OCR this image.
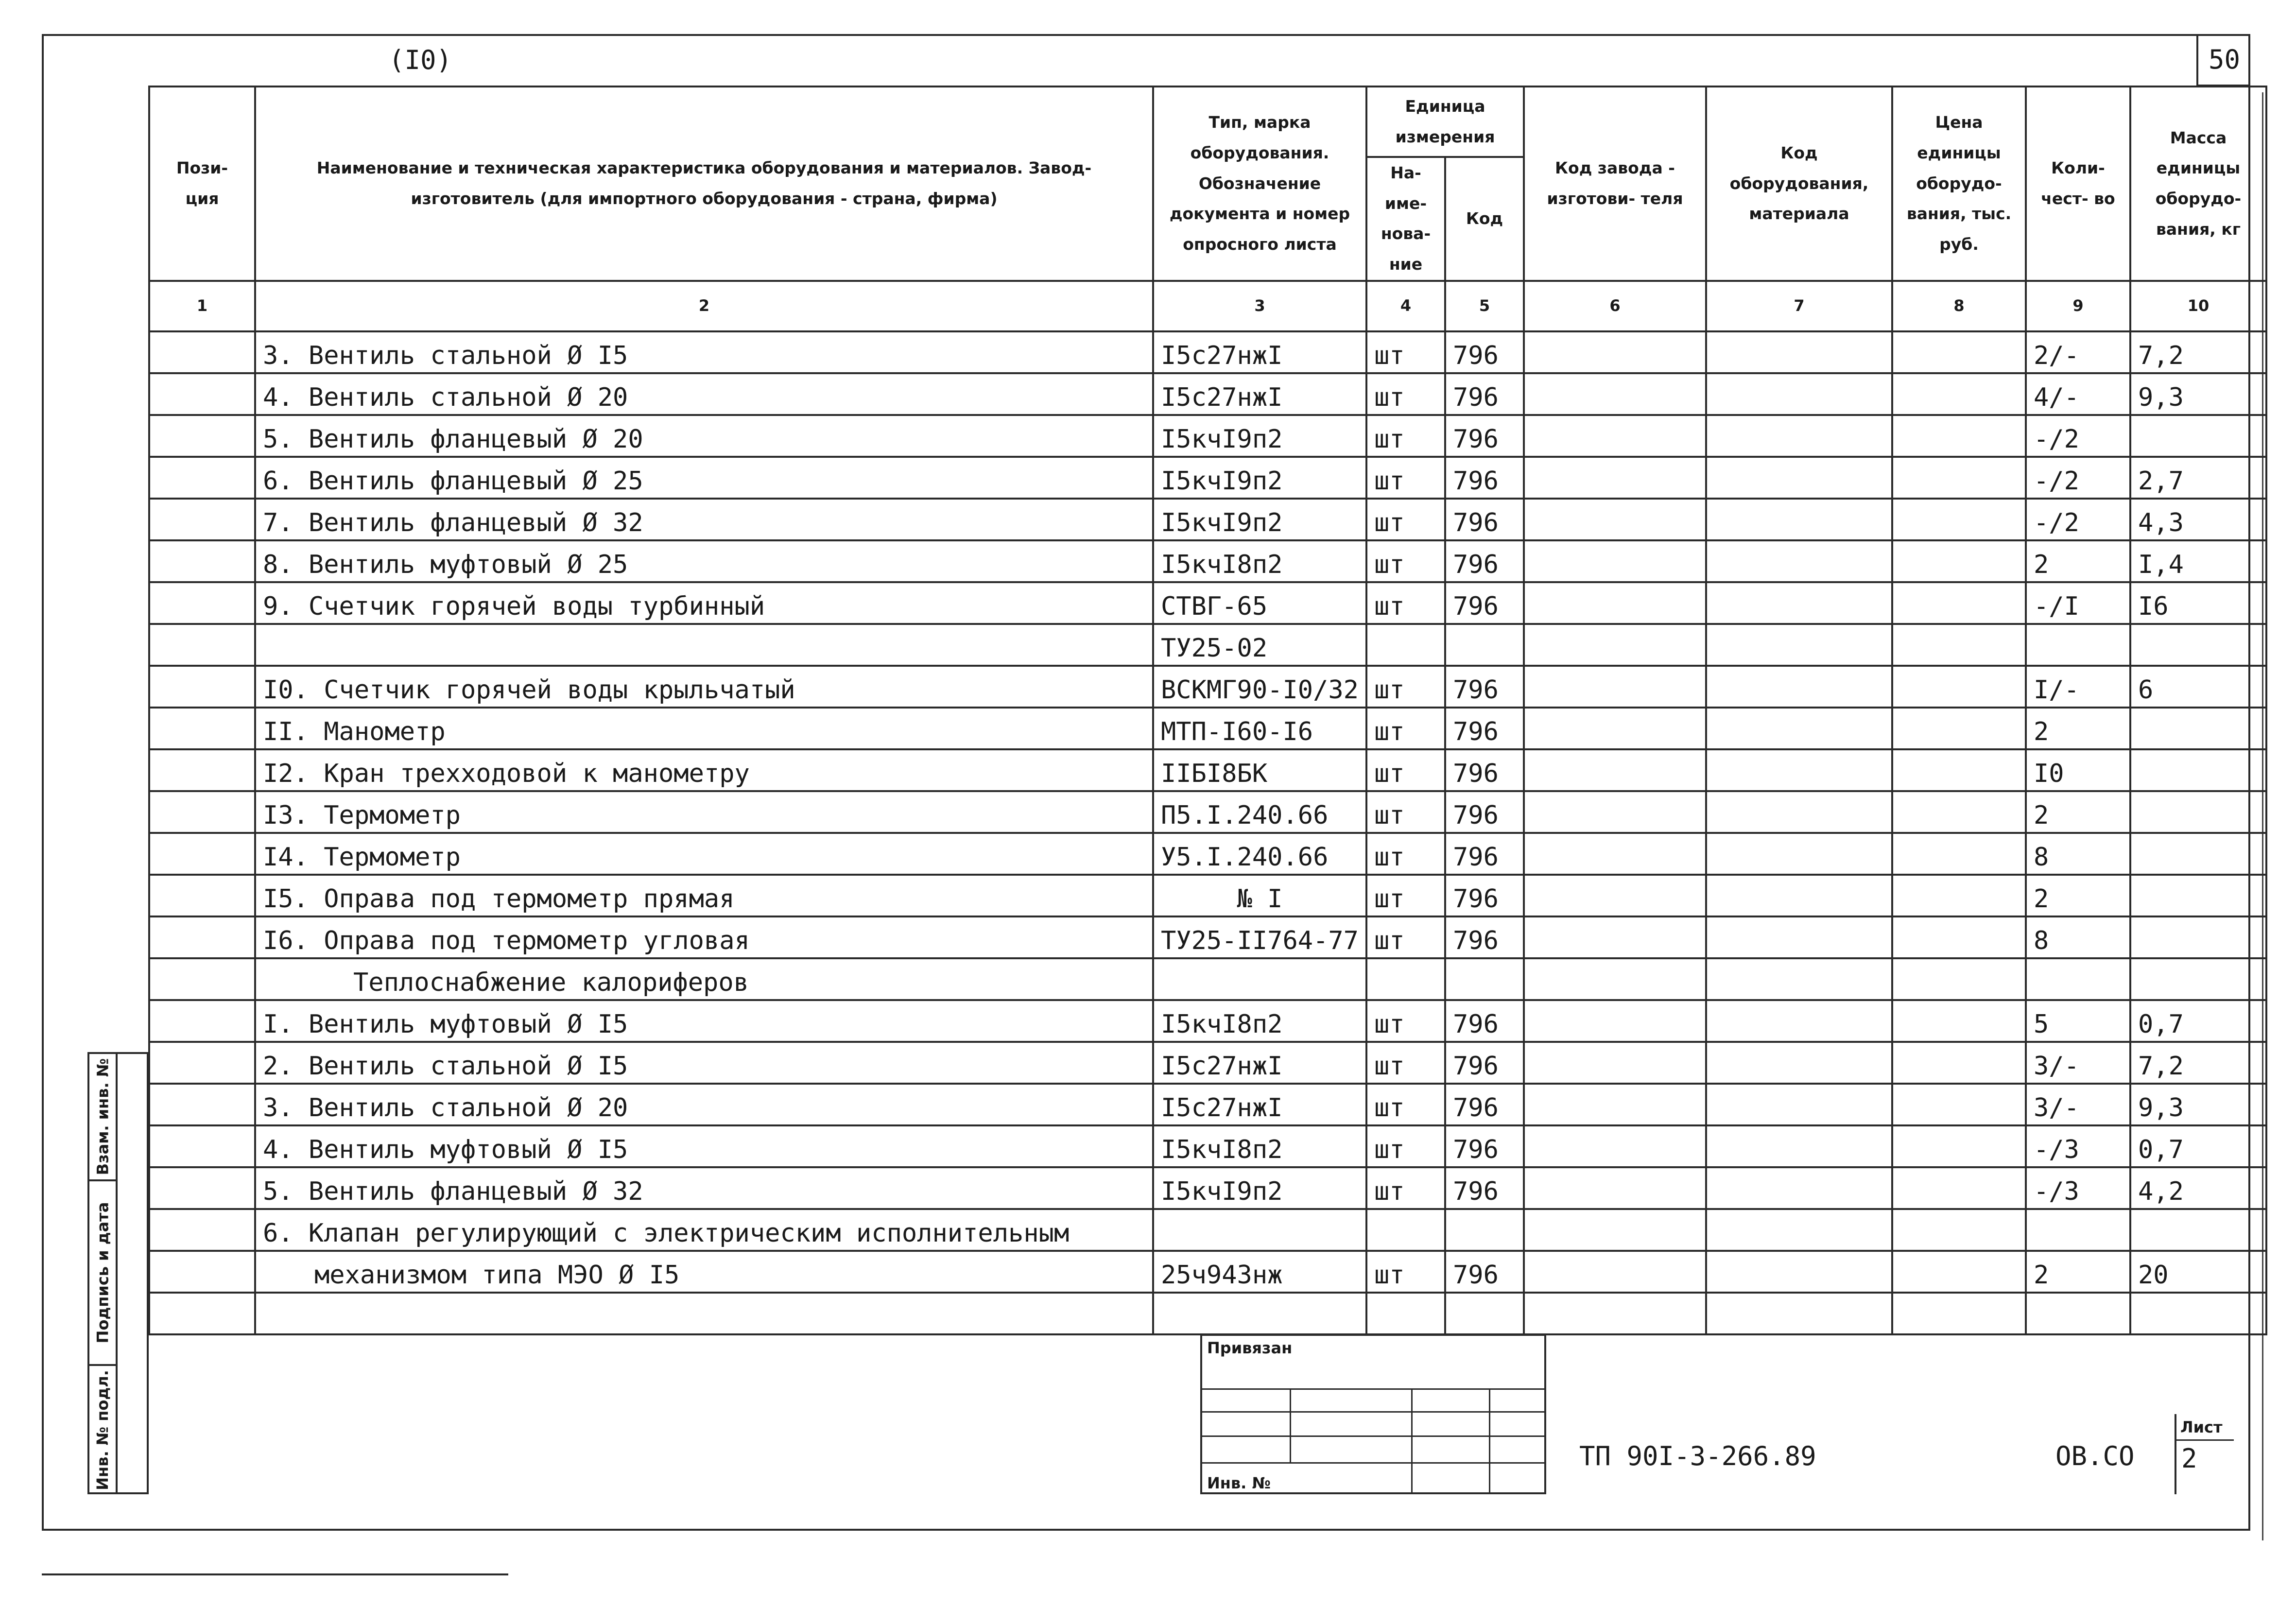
(I0)	50
Пози- ция	Наименование и техническая характеристика оборудования и материалов. Завод-изготовитель (для импортного оборудования - страна, фирма)	Тип, марка оборудования. Обозначение документа и номер опросного листа	Единица измерения		Код завода - изготови- теля	Код оборудования, материала	Цена единицы оборудо- вания, тыс. руб.	Коли- чест- во	Масса единицы оборудо- вания, кг
			На- име- нова- ние	Код					
1	2	3	4	5	6	7	8	9	10
	3. Вентиль стальной Ø I5	I5с27нжI	шт	796				2/-	7,2
	4. Вентиль стальной Ø 20	I5с27нжI	шт	796				4/-	9,3
	5. Вентиль фланцевый Ø 20	I5кчI9п2	шт	796				-/2	
	6. Вентиль фланцевый Ø 25	I5кчI9п2	шт	796				-/2	2,7
	7. Вентиль фланцевый Ø 32	I5кчI9п2	шт	796				-/2	4,3
	8. Вентиль муфтовый Ø 25	I5кчI8п2	шт	796				2	I,4
	9. Счетчик горячей воды турбинный	СТВГ-65	шт	796				-/I	I6
		ТУ25-02							
	I0. Счетчик горячей воды крыльчатый	ВСКМГ90-I0/32	шт	796				I/-	6
	II. Манометр	МТП-I60-I6	шт	796				2	
	I2. Кран трехходовой к манометру	IIБI8БК	шт	796				I0	
	I3. Термометр	П5.I.240.66	шт	796				2	
	I4. Термометр	У5.I.240.66	шт	796				8	
	I5. Оправа под термометр прямая	№ I	шт	796				2	
	I6. Оправа под термометр угловая	ТУ25-II764-77	шт	796				8	
	Теплоснабжение калориферов								
	I. Вентиль муфтовый Ø I5	I5кчI8п2	шт	796				5	0,7
	2. Вентиль стальной Ø I5	I5с27нжI	шт	796				3/-	7,2
	3. Вентиль стальной Ø 20	I5с27нжI	шт	796				3/-	9,3
	4. Вентиль муфтовый Ø I5	I5кчI8п2	шт	796				-/3	0,7
	5. Вентиль фланцевый Ø 32	I5кчI9п2	шт	796				-/3	4,2
	6. Клапан регулирующий с электрическим исполнительным								
	механизмом типа МЭО Ø I5	25ч943нж	шт	796				2	20

Взам. инв. №
Подпись и дата
Инв. № подл.
Привязан
Инв. №
ТП 90I-3-266.89	ОВ.СО
Лист
2
